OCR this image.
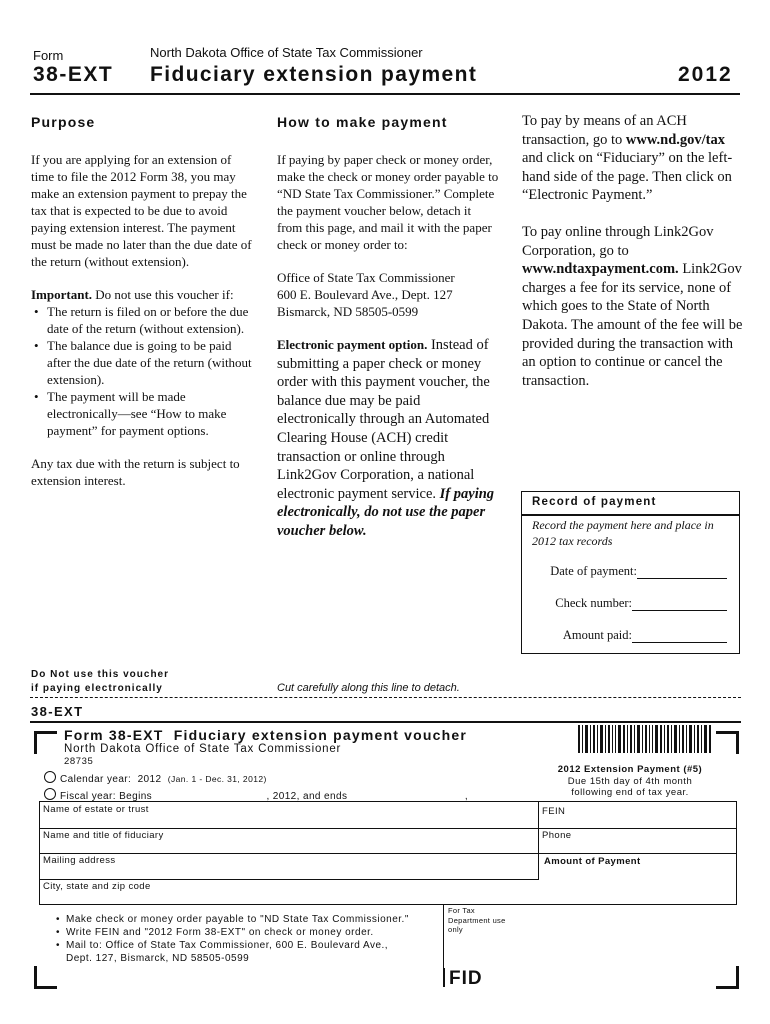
Form
38-EXT
North Dakota Office of State Tax Commissioner
Fiduciary extension payment	2012
Purpose

If you are applying for an extension of time to file the 2012 Form 38, you may make an extension payment to prepay the tax that is expected to be due to avoid paying extension interest. The payment must be made no later than the due date of the return (without extension).

Important. Do not use this voucher if:

• The return is filed on or before the due date of the return (without extension).
• The balance due is going to be paid after the due date of the return (without extension).
• The payment will be made electronically—see “How to make payment” for payment options.

Any tax due with the return is subject to extension interest.

How to make payment

If paying by paper check or money order, make the check or money order payable to “ND State Tax Commissioner.” Complete the payment voucher below, detach it from this page, and mail it with the paper check or money order to:

Office of State Tax Commissioner
600 E. Boulevard Ave., Dept. 127
Bismarck, ND 58505-0599

Electronic payment option. Instead of submitting a paper check or money order with this payment voucher, the balance due may be paid electronically through an Automated Clearing House (ACH) credit transaction or online through Link2Gov Corporation, a national electronic payment service. If paying electronically, do not use the paper voucher below.

To pay by means of an ACH transaction, go to www.nd.gov/tax and click on “Fiduciary” on the left-hand side of the page. Then click on “Electronic Payment.”

To pay online through Link2Gov Corporation, go to www.ndtaxpayment.com. Link2Gov charges a fee for its service, none of which goes to the State of North Dakota. The amount of the fee will be provided during the transaction with an option to continue or cancel the transaction.

Record of payment
Record the payment here and place in 2012 tax records
Date of payment:
Check number:
Amount paid:
Do Not use this voucher
if paying electronically	Cut carefully along this line to detach.
38-EXT
Form 38-EXT  Fiduciary extension payment voucher
North Dakota Office of State Tax Commissioner
28735
2012 Extension Payment (#5)
Due 15th day of 4th month
following end of tax year.
Calendar year: 2012 (Jan. 1 - Dec. 31, 2012)
Fiscal year: Begins	, 2012, and ends	,
Name of estate or trust	FEIN
Name and title of fiduciary	Phone
Mailing address	Amount of Payment
City, state and zip code
• Make check or money order payable to "ND State Tax Commissioner."
• Write FEIN and "2012 Form 38-EXT" on check or money order.
• Mail to: Office of State Tax Commissioner, 600 E. Boulevard Ave.,
Dept. 127, Bismarck, ND 58505-0599
For Tax Department use only
FID
